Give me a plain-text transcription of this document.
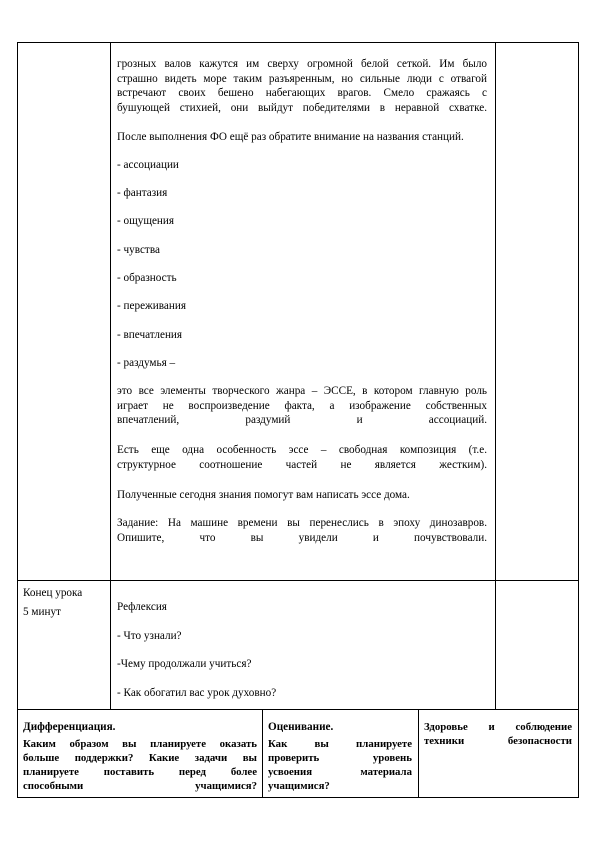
грозных валов кажутся им сверху огромной белой сеткой. Им было
страшно видеть море таким разъяренным, но сильные люди с отвагой
встречают своих бешено набегающих врагов. Смело сражаясь с
бушующей стихией, они выйдут победителями в неравной схватке.
После выполнения ФО ещё раз обратите внимание на названия станций.
- ассоциации
- фантазия
- ощущения
- чувства
- образность
- переживания
- впечатления
- раздумья –
это все элементы творческого жанра – ЭССЕ, в котором главную роль
играет не воспроизведение факта, а изображение собственных
впечатлений, раздумий и ассоциаций.
Есть еще одна особенность эссе – свободная композиция (т.е.
структурное соотношение частей не является жестким).
Полученные сегодня знания помогут вам написать эссе дома.
Задание: На машине времени вы перенеслись в эпоху динозавров.
Опишите, что вы увидели и почувствовали.
Конец урока
5 минут	Рефлексия
- Что узнали?
-Чему продолжали учиться?
- Как обогатил вас урок духовно?
Дифференциация.
Каким образом вы планируете оказать
больше поддержки? Какие задачи вы
планируете поставить перед более
способными учащимися?
Оценивание.
Как вы планируете
проверить уровень
усвоения материала
учащимися?
Здоровье и соблюдение
техники безопасности
